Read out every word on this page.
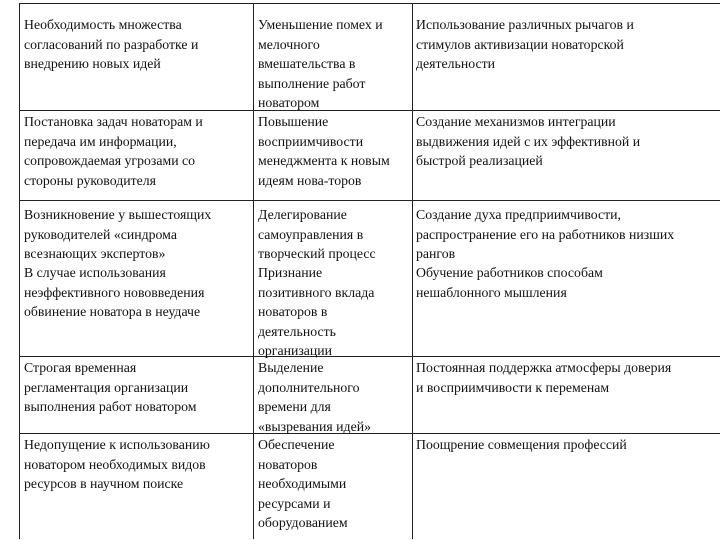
Необходимость множества

согласований по разработке и

внедрению новых идей

Уменьшение помех и

мелочного

вмешательства в

выполнение работ

новатором

Использование различных рычагов и

стимулов активизации новаторской

деятельности

Постановка задач новаторам и

передача им информации,

сопровождаемая угрозами со

стороны руководителя

Повышение

восприимчивости

менеджмента к новым

идеям нова-торов

Создание механизмов интеграции

выдвижения идей с их эффективной и

быстрой реализацией

Возникновение у вышестоящих

руководителей «синдрома

всезнающих экспертов»

Делегирование

самоуправления в

творческий процесс

Создание духа предприимчивости,

распространение его на работников низших

рангов

В случае использования

неэффективного нововведения

обвинение новатора в неудаче

Признание

позитивного вклада

новаторов в

деятельность

организации

Обучение работников способам

нешаблонного мышления

Строгая временная

регламентация организации

выполнения работ новатором

Выделение

дополнительного

времени для

«вызревания идей»

Постоянная поддержка атмосферы доверия

и восприимчивости к переменам

Недопущение к использованию

новатором необходимых видов

ресурсов в научном поиске

Обеспечение

новаторов

необходимыми

ресурсами и

оборудованием

Поощрение совмещения профессий
